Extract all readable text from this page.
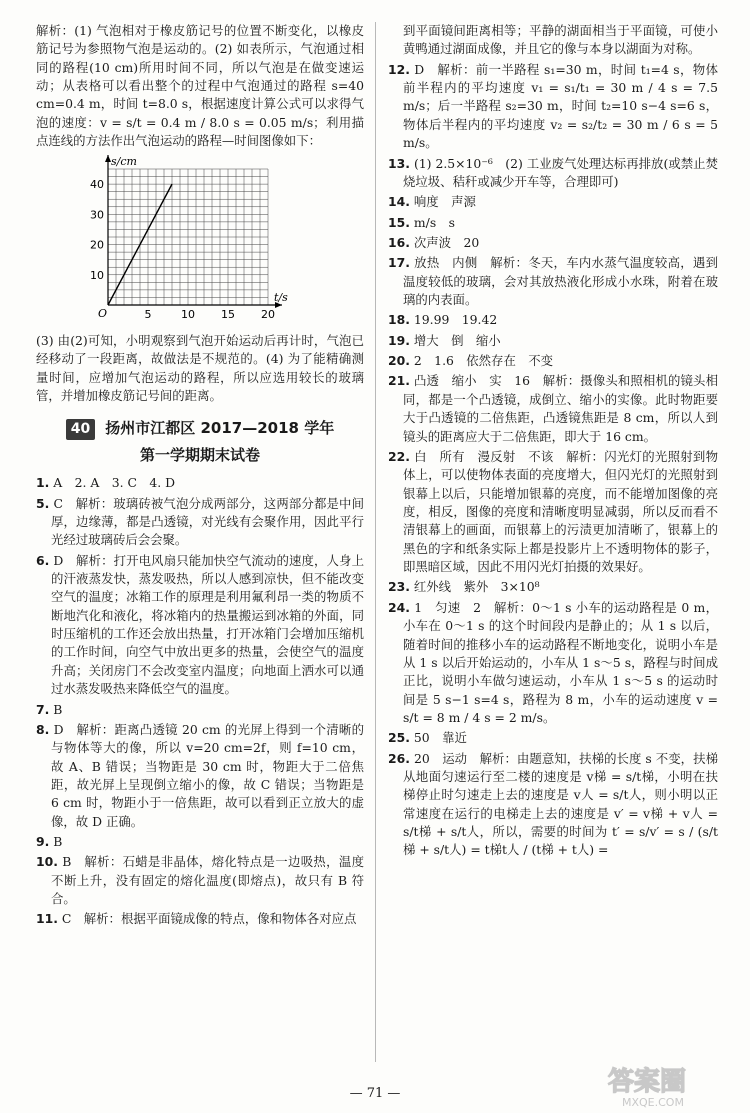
解析：(1) 气泡相对于橡皮筋记号的位置不断变化，以橡皮筋记号为参照物气泡是运动的。(2) 如表所示，气泡通过相同的路程(10 cm)所用时间不同，所以气泡是在做变速运动；从表格可以看出整个的过程中气泡通过的路程 s=40 cm=0.4 m，时间 t=8.0 s，根据速度计算公式可以求得气泡的速度：v = s/t = 0.4 m / 8.0 s = 0.05 m/s；利用描点连线的方法作出气泡运动的路程—时间图像如下：

5	10 15 20
10
20
30
40
O
t/s
s/cm

(3) 由(2)可知，小明观察到气泡开始运动后再计时，气泡已经移动了一段距离，故做法是不规范的。(4) 为了能精确测量时间，应增加气泡运动的路程，所以应选用较长的玻璃管，并增加橡皮筋记号间的距离。

40 扬州市江都区 2017—2018 学年
第一学期期末试卷

1. A　2. A　3. C　4. D

5. C　解析：玻璃砖被气泡分成两部分，这两部分都是中间厚，边缘薄，都是凸透镜，对光线有会聚作用，因此平行光经过玻璃砖后会会聚。

6. D　解析：打开电风扇只能加快空气流动的速度，人身上的汗液蒸发快，蒸发吸热，所以人感到凉快，但不能改变空气的温度；冰箱工作的原理是利用氟利昂一类的物质不断地汽化和液化，将冰箱内的热量搬运到冰箱的外面，同时压缩机的工作还会放出热量，打开冰箱门会增加压缩机的工作时间，向空气中放出更多的热量，会使空气的温度升高；关闭房门不会改变室内温度；向地面上洒水可以通过水蒸发吸热来降低空气的温度。

7. B

8. D　解析：距离凸透镜 20 cm 的光屏上得到一个清晰的与物体等大的像，所以 v=20 cm=2f，则 f=10 cm，故 A、B 错误；当物距是 30 cm 时，物距大于二倍焦距，故光屏上呈现倒立缩小的像，故 C 错误；当物距是 6 cm 时，物距小于一倍焦距，故可以看到正立放大的虚像，故 D 正确。

9. B

10. B　解析：石蜡是非晶体，熔化特点是一边吸热，温度不断上升，没有固定的熔化温度(即熔点)，故只有 B 符合。

11. C　解析：根据平面镜成像的特点，像和物体各对应点

到平面镜间距离相等；平静的湖面相当于平面镜，可使小黄鸭通过湖面成像，并且它的像与本身以湖面为对称。

12. D　解析：前一半路程 s₁=30 m，时间 t₁=4 s，物体前半程内的平均速度 v₁ = s₁/t₁ = 30 m / 4 s = 7.5 m/s；后一半路程 s₂=30 m，时间 t₂=10 s−4 s=6 s，物体后半程内的平均速度 v₂ = s₂/t₂ = 30 m / 6 s = 5 m/s。

13. (1) 2.5×10⁻⁶　(2) 工业废气处理达标再排放(或禁止焚烧垃圾、秸秆或减少开车等，合理即可)

14. 响度　声源

15. m/s　s

16. 次声波　20

17. 放热　内侧　解析：冬天，车内水蒸气温度较高，遇到温度较低的玻璃，会对其放热液化形成小水珠，附着在玻璃的内表面。

18. 19.99　19.42

19. 增大　倒　缩小

20. 2　1.6　依然存在　不变

21. 凸透　缩小　实　16　解析：摄像头和照相机的镜头相同，都是一个凸透镜，成倒立、缩小的实像。此时物距要大于凸透镜的二倍焦距，凸透镜焦距是 8 cm，所以人到镜头的距离应大于二倍焦距，即大于 16 cm。

22. 白　所有　漫反射　不该　解析：闪光灯的光照射到物体上，可以使物体表面的亮度增大，但闪光灯的光照射到银幕上以后，只能增加银幕的亮度，而不能增加图像的亮度，相反，图像的亮度和清晰度明显减弱，所以反而看不清银幕上的画面，而银幕上的污渍更加清晰了，银幕上的黑色的字和纸条实际上都是投影片上不透明物体的影子，即黑暗区域，因此不用闪光灯拍摄的效果好。

23. 红外线　紫外　3×10⁸

24. 1　匀速　2　解析：0～1 s 小车的运动路程是 0 m，小车在 0～1 s 的这个时间段内是静止的；从 1 s 以后，随着时间的推移小车的运动路程不断地变化，说明小车是从 1 s 以后开始运动的，小车从 1 s～5 s，路程与时间成正比，说明小车做匀速运动，小车从 1 s～5 s 的运动时间是 5 s−1 s=4 s，路程为 8 m，小车的运动速度 v = s/t = 8 m / 4 s = 2 m/s。

25. 50　靠近

26. 20　运动　解析：由题意知，扶梯的长度 s 不变，扶梯从地面匀速运行至二楼的速度是 v梯 = s/t梯，小明在扶梯停止时匀速走上去的速度是 v人 = s/t人，则小明以正常速度在运行的电梯走上去的速度是 v′ = v梯 + v人 = s/t梯 + s/t人，所以，需要的时间为 t′ = s/v′ = s / (s/t梯 + s/t人) = t梯t人 / (t梯 + t人) =

— 71 —	答案圈
MXQE.COM
